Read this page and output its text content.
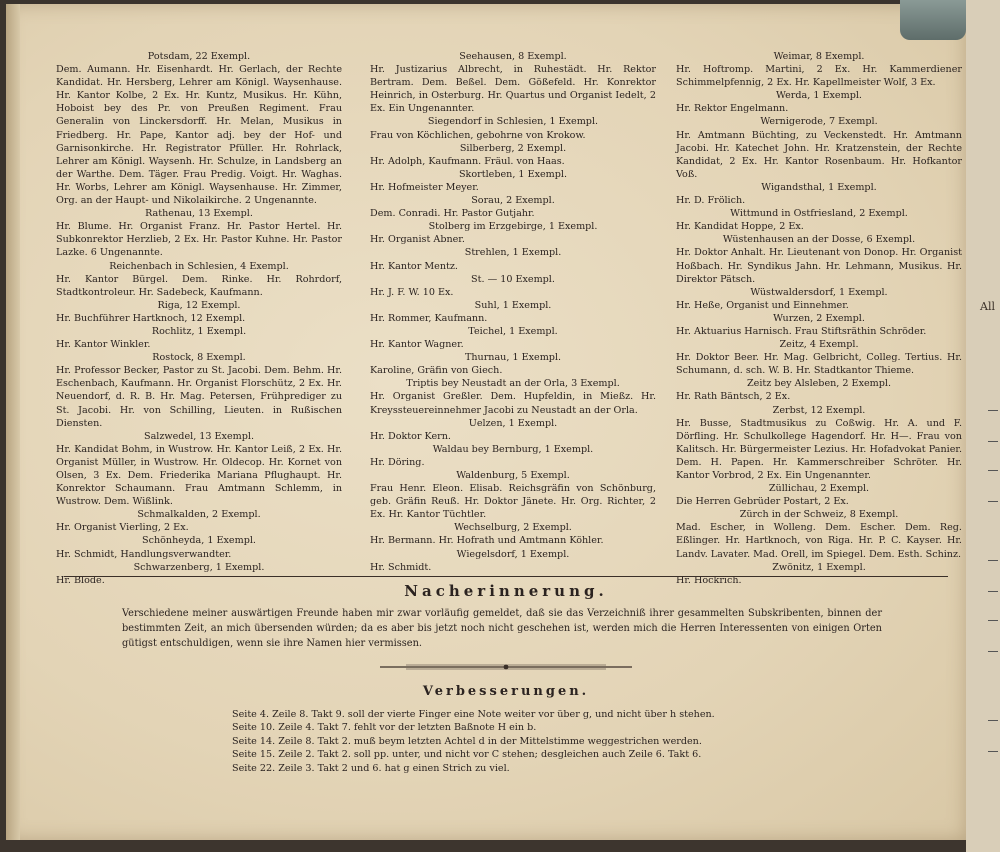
Potsdam, 22 Exempl.
Dem. Aumann. Hr. Eisenhardt. Hr. Gerlach, der Rechte Kandidat. Hr. Hersberg, Lehrer am Königl. Waysenhause. Hr. Kantor Kolbe, 2 Ex. Hr. Kuntz, Musikus. Hr. Kühn, Hoboist bey des Pr. von Preußen Regiment. Frau Generalin von Linckersdorff. Hr. Melan, Musikus in Friedberg. Hr. Pape, Kantor adj. bey der Hof- und Garnisonkirche. Hr. Registrator Pfüller. Hr. Rohrlack, Lehrer am Königl. Waysenh. Hr. Schulze, in Landsberg an der Warthe. Dem. Täger. Frau Predig. Voigt. Hr. Waghas. Hr. Worbs, Lehrer am Königl. Waysenhause. Hr. Zimmer, Org. an der Haupt- und Nikolaikirche. 2 Ungenannte.
Rathenau, 13 Exempl.
Hr. Blume. Hr. Organist Franz. Hr. Pastor Hertel. Hr. Subkonrektor Herzlieb, 2 Ex. Hr. Pastor Kuhne. Hr. Pastor Lazke. 6 Ungenannte.
Reichenbach in Schlesien, 4 Exempl.
Hr. Kantor Bürgel. Dem. Rinke. Hr. Rohrdorf, Stadtkontroleur. Hr. Sadebeck, Kaufmann.
Riga, 12 Exempl.
Hr. Buchführer Hartknoch, 12 Exempl.
Rochlitz, 1 Exempl.
Hr. Kantor Winkler.
Rostock, 8 Exempl.
Hr. Professor Becker, Pastor zu St. Jacobi. Dem. Behm. Hr. Eschenbach, Kaufmann. Hr. Organist Florschütz, 2 Ex. Hr. Neuendorf, d. R. B. Hr. Mag. Petersen, Frühprediger zu St. Jacobi. Hr. von Schilling, Lieuten. in Rußischen Diensten.
Salzwedel, 13 Exempl.
Hr. Kandidat Bohm, in Wustrow. Hr. Kantor Leiß, 2 Ex. Hr. Organist Müller, in Wustrow. Hr. Oldecop. Hr. Kornet von Olsen, 3 Ex. Dem. Friederika Mariana Pflughaupt. Hr. Konrektor Schaumann. Frau Amtmann Schlemm, in Wustrow. Dem. Wißlink.
Schmalkalden, 2 Exempl.
Hr. Organist Vierling, 2 Ex.
Schönheyda, 1 Exempl.
Hr. Schmidt, Handlungsverwandter.
Schwarzenberg, 1 Exempl.
Hr. Blöde.
Seehausen, 8 Exempl.
Hr. Justizarius Albrecht, in Ruhestädt. Hr. Rektor Bertram. Dem. Beßel. Dem. Gößefeld. Hr. Konrektor Heinrich, in Osterburg. Hr. Quartus und Organist Iedelt, 2 Ex. Ein Ungenannter.
Siegendorf in Schlesien, 1 Exempl.
Frau von Köchlichen, gebohrne von Krokow.
Silberberg, 2 Exempl.
Hr. Adolph, Kaufmann. Fräul. von Haas.
Skortleben, 1 Exempl.
Hr. Hofmeister Meyer.
Sorau, 2 Exempl.
Dem. Conradi. Hr. Pastor Gutjahr.
Stolberg im Erzgebirge, 1 Exempl.
Hr. Organist Abner.
Strehlen, 1 Exempl.
Hr. Kantor Mentz.
St. — 10 Exempl.
Hr. J. F. W. 10 Ex.
Suhl, 1 Exempl.
Hr. Rommer, Kaufmann.
Teichel, 1 Exempl.
Hr. Kantor Wagner.
Thurnau, 1 Exempl.
Karoline, Gräfin von Giech.
Triptis bey Neustadt an der Orla, 3 Exempl.
Hr. Organist Greßler. Dem. Hupfeldin, in Mießz. Hr. Kreyssteuereinnehmer Jacobi zu Neustadt an der Orla.
Uelzen, 1 Exempl.
Hr. Doktor Kern.
Waldau bey Bernburg, 1 Exempl.
Hr. Döring.
Waldenburg, 5 Exempl.
Frau Henr. Eleon. Elisab. Reichsgräfin von Schönburg, geb. Gräfin Reuß. Hr. Doktor Jänete. Hr. Org. Richter, 2 Ex. Hr. Kantor Tüchtler.
Wechselburg, 2 Exempl.
Hr. Bermann. Hr. Hofrath und Amtmann Köhler.
Wiegelsdorf, 1 Exempl.
Hr. Schmidt.
Weimar, 8 Exempl.
Hr. Hoftromp. Martini, 2 Ex. Hr. Kammerdiener Schimmelpfennig, 2 Ex. Hr. Kapellmeister Wolf, 3 Ex.
Werda, 1 Exempl.
Hr. Rektor Engelmann.
Wernigerode, 7 Exempl.
Hr. Amtmann Büchting, zu Veckenstedt. Hr. Amtmann Jacobi. Hr. Katechet John. Hr. Kratzenstein, der Rechte Kandidat, 2 Ex. Hr. Kantor Rosenbaum. Hr. Hofkantor Voß.
Wigandsthal, 1 Exempl.
Hr. D. Frölich.
Wittmund in Ostfriesland, 2 Exempl.
Hr. Kandidat Hoppe, 2 Ex.
Wüstenhausen an der Dosse, 6 Exempl.
Hr. Doktor Anhalt. Hr. Lieutenant von Donop. Hr. Organist Hoßbach. Hr. Syndikus Jahn. Hr. Lehmann, Musikus. Hr. Direktor Pätsch.
Wüstwaldersdorf, 1 Exempl.
Hr. Heße, Organist und Einnehmer.
Wurzen, 2 Exempl.
Hr. Aktuarius Harnisch. Frau Stiftsräthin Schröder.
Zeitz, 4 Exempl.
Hr. Doktor Beer. Hr. Mag. Gelbricht, Colleg. Tertius. Hr. Schumann, d. sch. W. B. Hr. Stadtkantor Thieme.
Zeitz bey Alsleben, 2 Exempl.
Hr. Rath Bäntsch, 2 Ex.
Zerbst, 12 Exempl.
Hr. Busse, Stadtmusikus zu Coßwig. Hr. A. und F. Dörfling. Hr. Schulkollege Hagendorf. Hr. H—. Frau von Kalitsch. Hr. Bürgermeister Lezius. Hr. Hofadvokat Panier. Dem. H. Papen. Hr. Kammerschreiber Schröter. Hr. Kantor Vorbrod, 2 Ex. Ein Ungenannter.
Züllichau, 2 Exempl.
Die Herren Gebrüder Postart, 2 Ex.
Zürch in der Schweiz, 8 Exempl.
Mad. Escher, in Wolleng. Dem. Escher. Dem. Reg. Eßlinger. Hr. Hartknoch, von Riga. Hr. P. C. Kayser. Hr. Landv. Lavater. Mad. Orell, im Spiegel. Dem. Esth. Schinz.
Zwönitz, 1 Exempl.
Hr. Höckrich.
Nacherinnerung.
Verschiedene meiner auswärtigen Freunde haben mir zwar vorläufig gemeldet, daß sie das Verzeichniß ihrer gesammelten Subskribenten, binnen der bestimmten Zeit, an mich übersenden würden; da es aber bis jetzt noch nicht geschehen ist, werden mich die Herren Interessenten von einigen Orten gütigst entschuldigen, wenn sie ihre Namen hier vermissen.
Verbesserungen.
Seite 4. Zeile 8. Takt 9. soll der vierte Finger eine Note weiter vor über g, und nicht über h stehen.
Seite 10. Zeile 4. Takt 7. fehlt vor der letzten Baßnote H ein b.
Seite 14. Zeile 8. Takt 2. muß beym letzten Achtel d in der Mittelstimme weggestrichen werden.
Seite 15. Zeile 2. Takt 2. soll pp. unter, und nicht vor C stehen; desgleichen auch Zeile 6. Takt 6.
Seite 22. Zeile 3. Takt 2 und 6. hat g einen Strich zu viel.
All
